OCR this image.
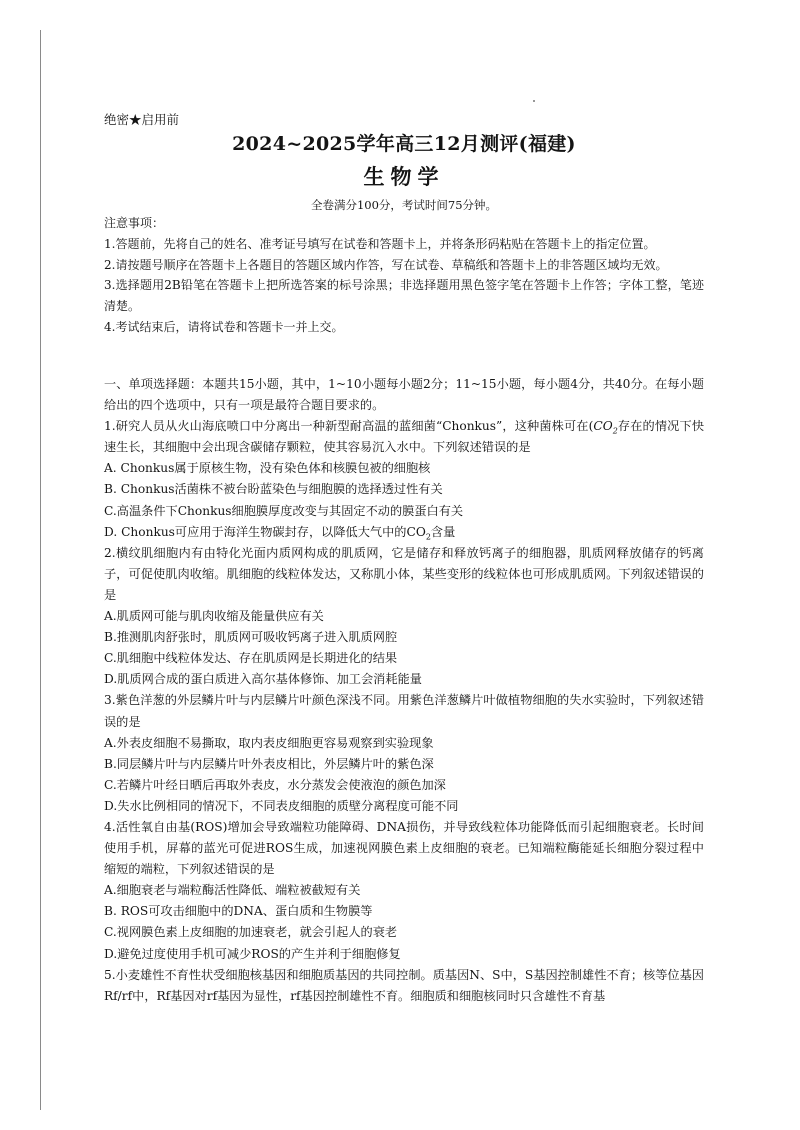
绝密★启用前
2024~2025学年高三12月测评(福建)
生物学
全卷满分100分，考试时间75分钟。

注意事项：

1.答题前，先将自己的姓名、准考证号填写在试卷和答题卡上，并将条形码粘贴在答题卡上的指定位置。

2.请按题号顺序在答题卡上各题目的答题区域内作答，写在试卷、草稿纸和答题卡上的非答题区域均无效。

3.选择题用2B铅笔在答题卡上把所选答案的标号涂黑；非选择题用黑色签字笔在答题卡上作答；字体工整，笔迹清楚。

4.考试结束后，请将试卷和答题卡一并上交。

一、单项选择题：本题共15小题，其中，1~10小题每小题2分；11~15小题，每小题4分，共40分。在每小题给出的四个选项中，只有一项是最符合题目要求的。

1.研究人员从火山海底喷口中分离出一种新型耐高温的蓝细菌“Chonkus”，这种菌株可在($CO_2$存在的情况下快速生长，其细胞中会出现含碳储存颗粒，使其容易沉入水中。下列叙述错误的是

A. Chonkus属于原核生物，没有染色体和核膜包被的细胞核

B. Chonkus活菌株不被台盼蓝染色与细胞膜的选择透过性有关

C.高温条件下Chonkus细胞膜厚度改变与其固定不动的膜蛋白有关

D. Chonkus可应用于海洋生物碳封存，以降低大气中的$CO_2$含量

2.横纹肌细胞内有由特化光面内质网构成的肌质网，它是储存和释放钙离子的细胞器，肌质网释放储存的钙离子，可促使肌肉收缩。肌细胞的线粒体发达，又称肌小体，某些变形的线粒体也可形成肌质网。下列叙述错误的是

A.肌质网可能与肌肉收缩及能量供应有关

B.推测肌肉舒张时，肌质网可吸收钙离子进入肌质网腔

C.肌细胞中线粒体发达、存在肌质网是长期进化的结果

D.肌质网合成的蛋白质进入高尔基体修饰、加工会消耗能量

3.紫色洋葱的外层鳞片叶与内层鳞片叶颜色深浅不同。用紫色洋葱鳞片叶做植物细胞的失水实验时，下列叙述错误的是

A.外表皮细胞不易撕取，取内表皮细胞更容易观察到实验现象

B.同层鳞片叶与内层鳞片叶外表皮相比，外层鳞片叶的紫色深

C.若鳞片叶经日晒后再取外表皮，水分蒸发会使液泡的颜色加深

D.失水比例相同的情况下，不同表皮细胞的质壁分离程度可能不同

4.活性氧自由基(ROS)增加会导致端粒功能障碍、DNA损伤，并导致线粒体功能降低而引起细胞衰老。长时间使用手机，屏幕的蓝光可促进ROS生成，加速视网膜色素上皮细胞的衰老。已知端粒酶能延长细胞分裂过程中缩短的端粒，下列叙述错误的是

A.细胞衰老与端粒酶活性降低、端粒被截短有关

B. ROS可攻击细胞中的DNA、蛋白质和生物膜等

C.视网膜色素上皮细胞的加速衰老，就会引起人的衰老

D.避免过度使用手机可减少ROS的产生并利于细胞修复

5.小麦雄性不育性状受细胞核基因和细胞质基因的共同控制。质基因N、S中，S基因控制雄性不育；核等位基因Rf/rf中，Rf基因对rf基因为显性，rf基因控制雄性不育。细胞质和细胞核同时只含雄性不育基
